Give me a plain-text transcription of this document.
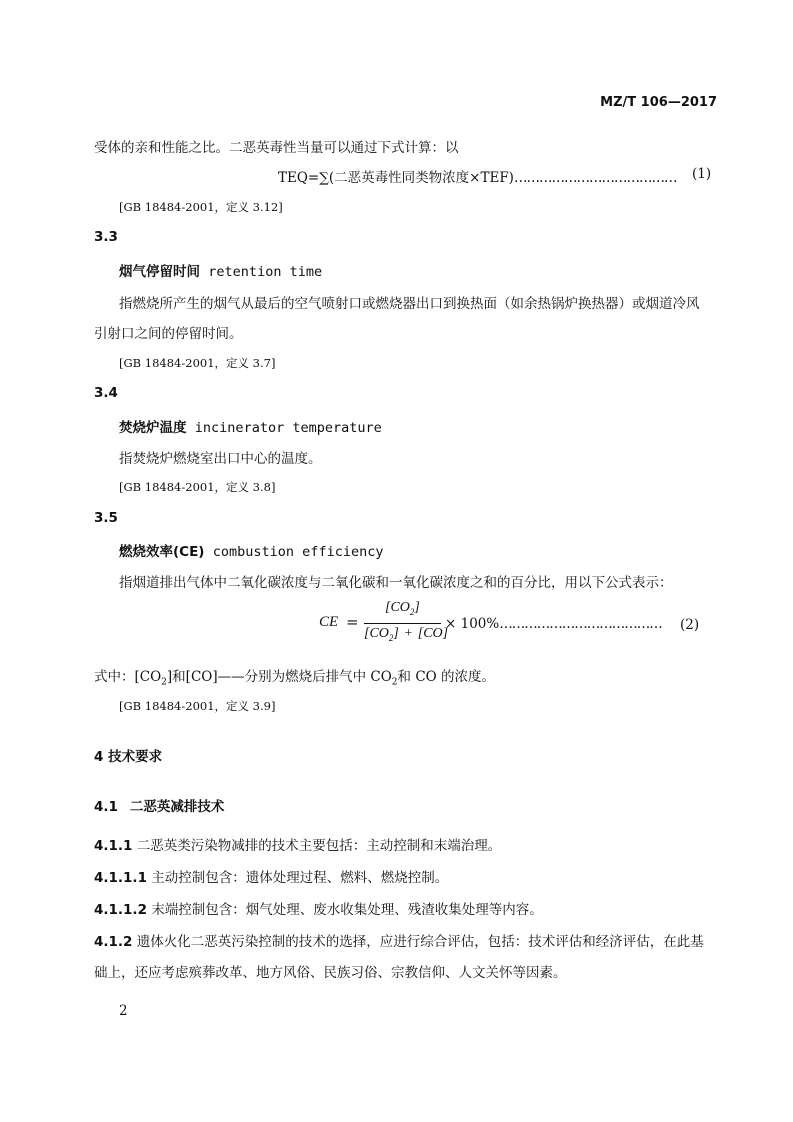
MZ/T 106—2017
受体的亲和性能之比。二恶英毒性当量可以通过下式计算：以
TEQ=∑(二恶英毒性同类物浓度×TEF)………………………………… (1)
[GB 18484-2001，定义 3.12]
3.3
烟气停留时间 retention time
指燃烧所产生的烟气从最后的空气喷射口或燃烧器出口到换热面（如余热锅炉换热器）或烟道冷风
引射口之间的停留时间。
[GB 18484-2001，定义 3.7]
3.4
焚烧炉温度 incinerator temperature
指焚烧炉燃烧室出口中心的温度。
[GB 18484-2001，定义 3.8]
3.5
燃烧效率(CE) combustion efficiency
指烟道排出气体中二氧化碳浓度与二氧化碳和一氧化碳浓度之和的百分比，用以下公式表示：
CE =
$[CO_2]$
$[CO_2] + [CO]$
× 100%………………………………… (2)
式中：$[CO_2]$和[CO]——分别为燃烧后排气中 $CO_2$和 CO 的浓度。
[GB 18484-2001，定义 3.9]
4 技术要求
4.1 二恶英减排技术
4.1.1 二恶英类污染物减排的技术主要包括：主动控制和末端治理。
4.1.1.1 主动控制包含：遗体处理过程、燃料、燃烧控制。
4.1.1.2 末端控制包含：烟气处理、废水收集处理、残渣收集处理等内容。
4.1.2 遗体火化二恶英污染控制的技术的选择，应进行综合评估，包括：技术评估和经济评估，在此基
础上，还应考虑殡葬改革、地方风俗、民族习俗、宗教信仰、人文关怀等因素。
2
